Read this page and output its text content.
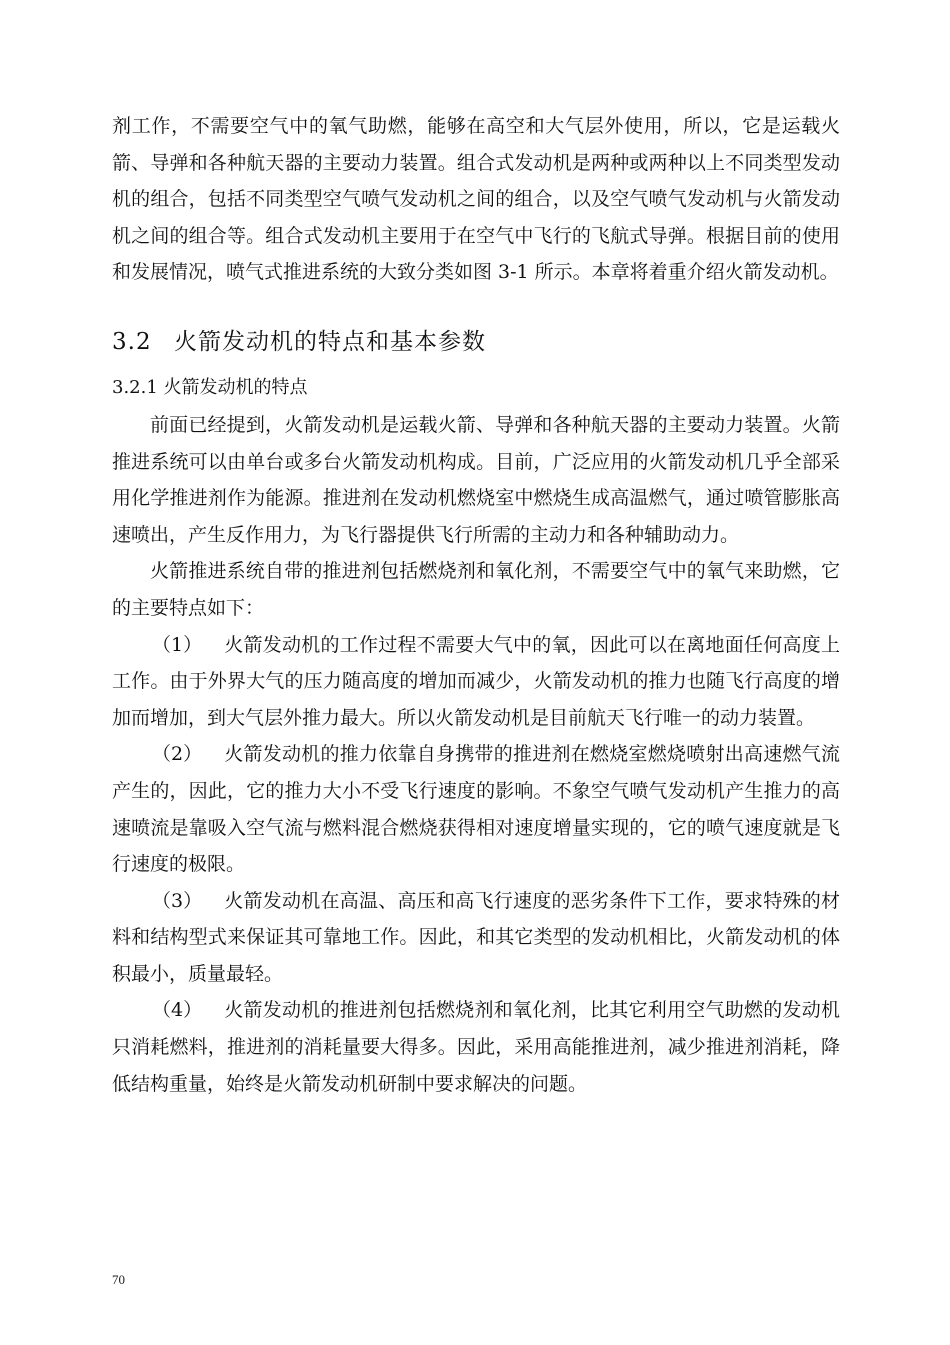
剂工作，不需要空气中的氧气助燃，能够在高空和大气层外使用，所以，它是运载火箭、导弹和各种航天器的主要动力装置。组合式发动机是两种或两种以上不同类型发动机的组合，包括不同类型空气喷气发动机之间的组合，以及空气喷气发动机与火箭发动机之间的组合等。组合式发动机主要用于在空气中飞行的飞航式导弹。根据目前的使用和发展情况，喷气式推进系统的大致分类如图 3-1 所示。本章将着重介绍火箭发动机。

3.2 火箭发动机的特点和基本参数
3.2.1 火箭发动机的特点

前面已经提到，火箭发动机是运载火箭、导弹和各种航天器的主要动力装置。火箭推进系统可以由单台或多台火箭发动机构成。目前，广泛应用的火箭发动机几乎全部采用化学推进剂作为能源。推进剂在发动机燃烧室中燃烧生成高温燃气，通过喷管膨胀高速喷出，产生反作用力，为飞行器提供飞行所需的主动力和各种辅助动力。

火箭推进系统自带的推进剂包括燃烧剂和氧化剂，不需要空气中的氧气来助燃，它的主要特点如下：

（1） 火箭发动机的工作过程不需要大气中的氧，因此可以在离地面任何高度上工作。由于外界大气的压力随高度的增加而减少，火箭发动机的推力也随飞行高度的增加而增加，到大气层外推力最大。所以火箭发动机是目前航天飞行唯一的动力装置。

（2） 火箭发动机的推力依靠自身携带的推进剂在燃烧室燃烧喷射出高速燃气流产生的，因此，它的推力大小不受飞行速度的影响。不象空气喷气发动机产生推力的高速喷流是靠吸入空气流与燃料混合燃烧获得相对速度增量实现的，它的喷气速度就是飞行速度的极限。

（3） 火箭发动机在高温、高压和高飞行速度的恶劣条件下工作，要求特殊的材料和结构型式来保证其可靠地工作。因此，和其它类型的发动机相比，火箭发动机的体积最小，质量最轻。

（4） 火箭发动机的推进剂包括燃烧剂和氧化剂，比其它利用空气助燃的发动机只消耗燃料，推进剂的消耗量要大得多。因此，采用高能推进剂，减少推进剂消耗，降低结构重量，始终是火箭发动机研制中要求解决的问题。

70
